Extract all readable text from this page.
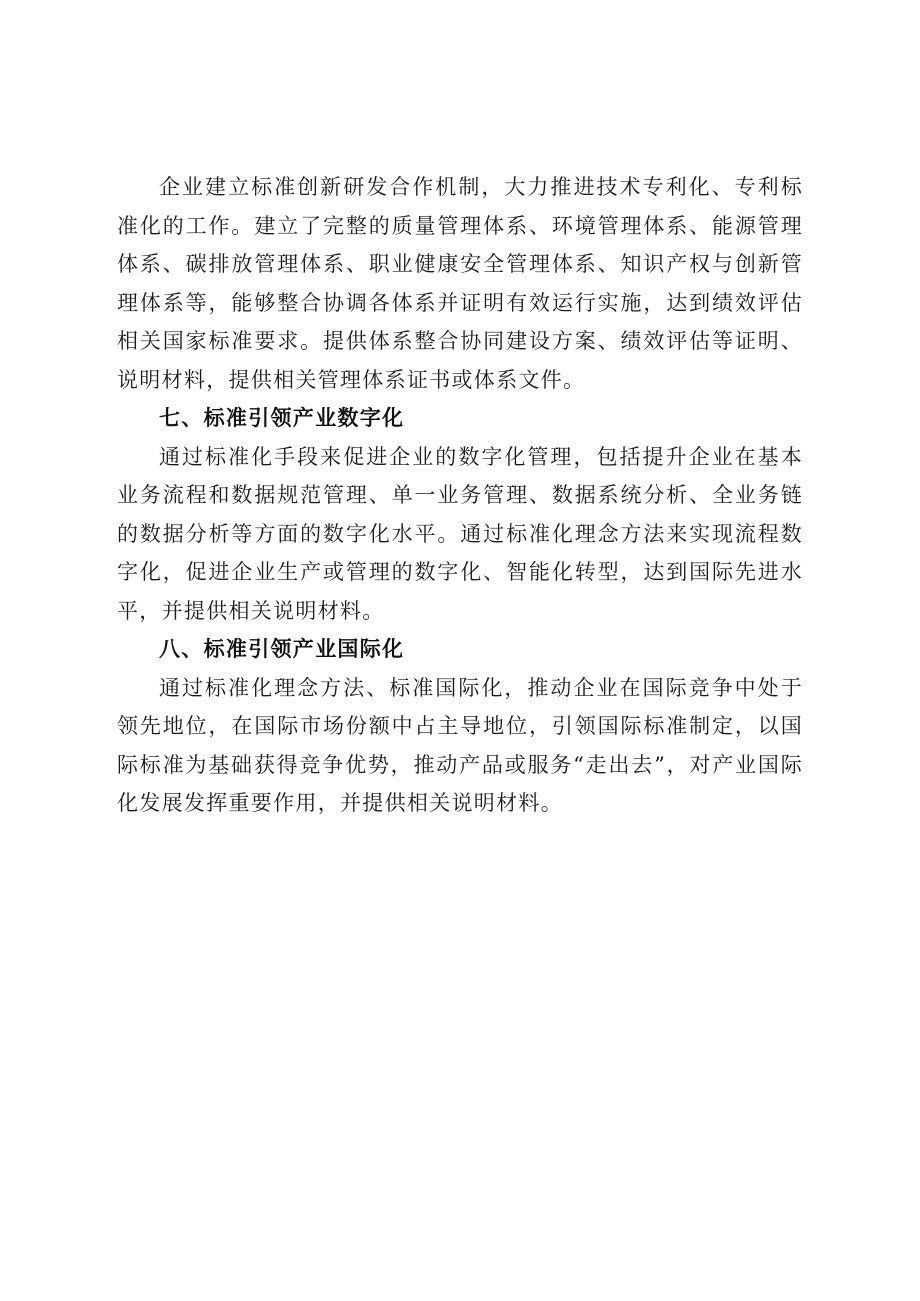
企业建立标准创新研发合作机制，大力推进技术专利化、专利标准化的工作。建立了完整的质量管理体系、环境管理体系、能源管理体系、碳排放管理体系、职业健康安全管理体系、知识产权与创新管理体系等，能够整合协调各体系并证明有效运行实施，达到绩效评估相关国家标准要求。提供体系整合协同建设方案、绩效评估等证明、说明材料，提供相关管理体系证书或体系文件。

七、标准引领产业数字化

通过标准化手段来促进企业的数字化管理，包括提升企业在基本业务流程和数据规范管理、单一业务管理、数据系统分析、全业务链的数据分析等方面的数字化水平。通过标准化理念方法来实现流程数字化，促进企业生产或管理的数字化、智能化转型，达到国际先进水平，并提供相关说明材料。

八、标准引领产业国际化

通过标准化理念方法、标准国际化，推动企业在国际竞争中处于领先地位，在国际市场份额中占主导地位，引领国际标准制定，以国际标准为基础获得竞争优势，推动产品或服务“走出去”，对产业国际化发展发挥重要作用，并提供相关说明材料。
